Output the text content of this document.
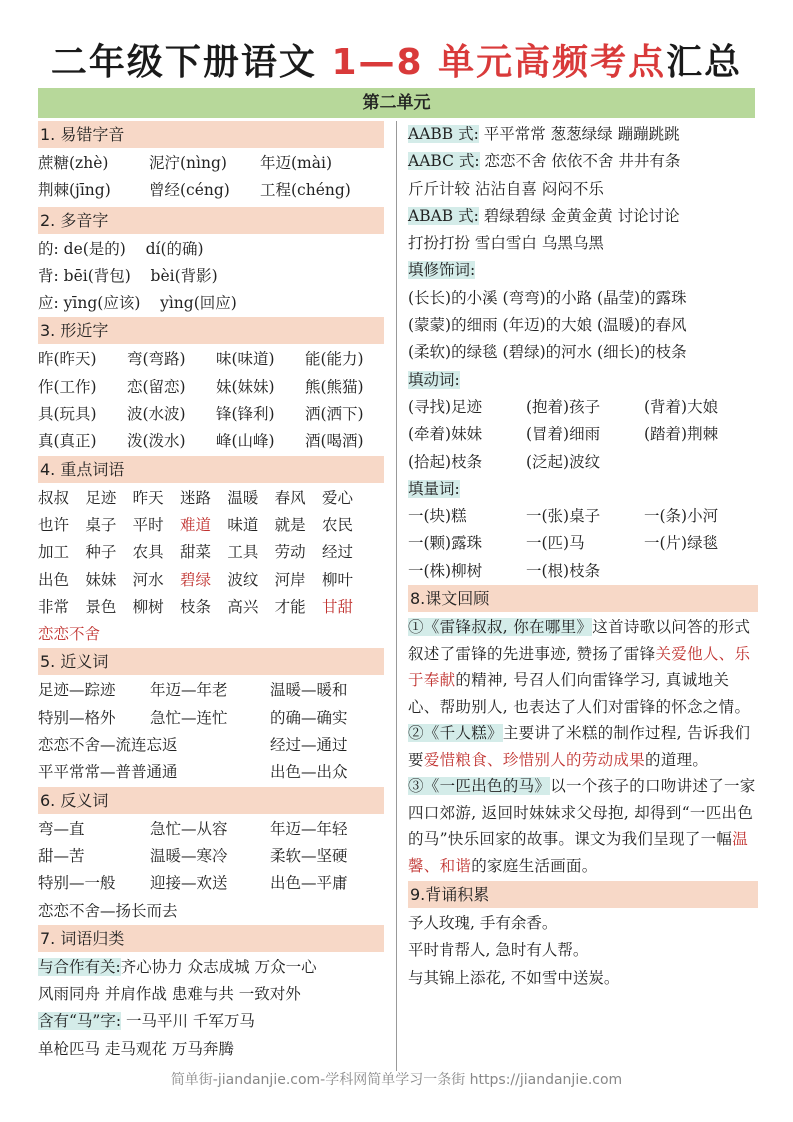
二年级下册语文 1—8 单元高频考点汇总
第二单元
1. 易错字音
蔗糖(zhè)	泥泞(nìng)	年迈(mài)
荆棘(jīng)	曾经(céng)	工程(chéng)
2. 多音字
的: de(是的) dí(的确)
背: bēi(背包) bèi(背影)
应: yīng(应该) yìng(回应)
3. 形近字
昨(昨天)	弯(弯路)	味(味道)	能(能力)
作(工作)	恋(留恋)	妹(妹妹)	熊(熊猫)
具(玩具)	波(水波)	锋(锋利)	洒(洒下)
真(真正)	泼(泼水)	峰(山峰)	酒(喝酒)
4. 重点词语
叔叔 足迹 昨天 迷路 温暖 春风 爱心
也许 桌子 平时 难道 味道 就是 农民
加工 种子 农具 甜菜 工具 劳动 经过
出色 妹妹 河水 碧绿 波纹 河岸 柳叶
非常 景色 柳树 枝条 高兴 才能 甘甜
恋恋不舍
5. 近义词
足迹—踪迹	年迈—年老	温暖—暖和
特别—格外	急忙—连忙	的确—确实
恋恋不舍—流连忘返	经过—通过
平平常常—普普通通	出色—出众
6. 反义词
弯—直	急忙—从容	年迈—年轻
甜—苦	温暖—寒冷	柔软—坚硬
特别—一般	迎接—欢送	出色—平庸
恋恋不舍—扬长而去
7. 词语归类
与合作有关:齐心协力 众志成城 万众一心
风雨同舟 并肩作战 患难与共 一致对外
含有“马”字: 一马平川 千军万马
单枪匹马 走马观花 万马奔腾
AABB 式: 平平常常 葱葱绿绿 蹦蹦跳跳
AABC 式: 恋恋不舍 依依不舍 井井有条
斤斤计较 沾沾自喜 闷闷不乐
ABAB 式: 碧绿碧绿 金黄金黄 讨论讨论
打扮打扮 雪白雪白 乌黑乌黑
填修饰词:
(长长)的小溪 (弯弯)的小路 (晶莹)的露珠
(蒙蒙)的细雨 (年迈)的大娘 (温暖)的春风
(柔软)的绿毯 (碧绿)的河水 (细长)的枝条
填动词:
(寻找)足迹	(抱着)孩子	(背着)大娘
(牵着)妹妹	(冒着)细雨	(踏着)荆棘
(拾起)枝条	(泛起)波纹
填量词:
一(块)糕	一(张)桌子	一(条)小河
一(颗)露珠	一(匹)马	一(片)绿毯
一(株)柳树	一(根)枝条
8.课文回顾
①《雷锋叔叔, 你在哪里》这首诗歌以问答的形式叙述了雷锋的先进事迹, 赞扬了雷锋关爱他人、乐于奉献的精神, 号召人们向雷锋学习, 真诚地关心、帮助别人, 也表达了人们对雷锋的怀念之情。
②《千人糕》主要讲了米糕的制作过程, 告诉我们要爱惜粮食、珍惜别人的劳动成果的道理。
③《一匹出色的马》以一个孩子的口吻讲述了一家四口郊游, 返回时妹妹求父母抱, 却得到“一匹出色的马”快乐回家的故事。课文为我们呈现了一幅温馨、和谐的家庭生活画面。
9.背诵积累
予人玫瑰, 手有余香。
平时肯帮人, 急时有人帮。
与其锦上添花, 不如雪中送炭。
简单街-jiandanjie.com-学科网简单学习一条街 https://jiandanjie.com
